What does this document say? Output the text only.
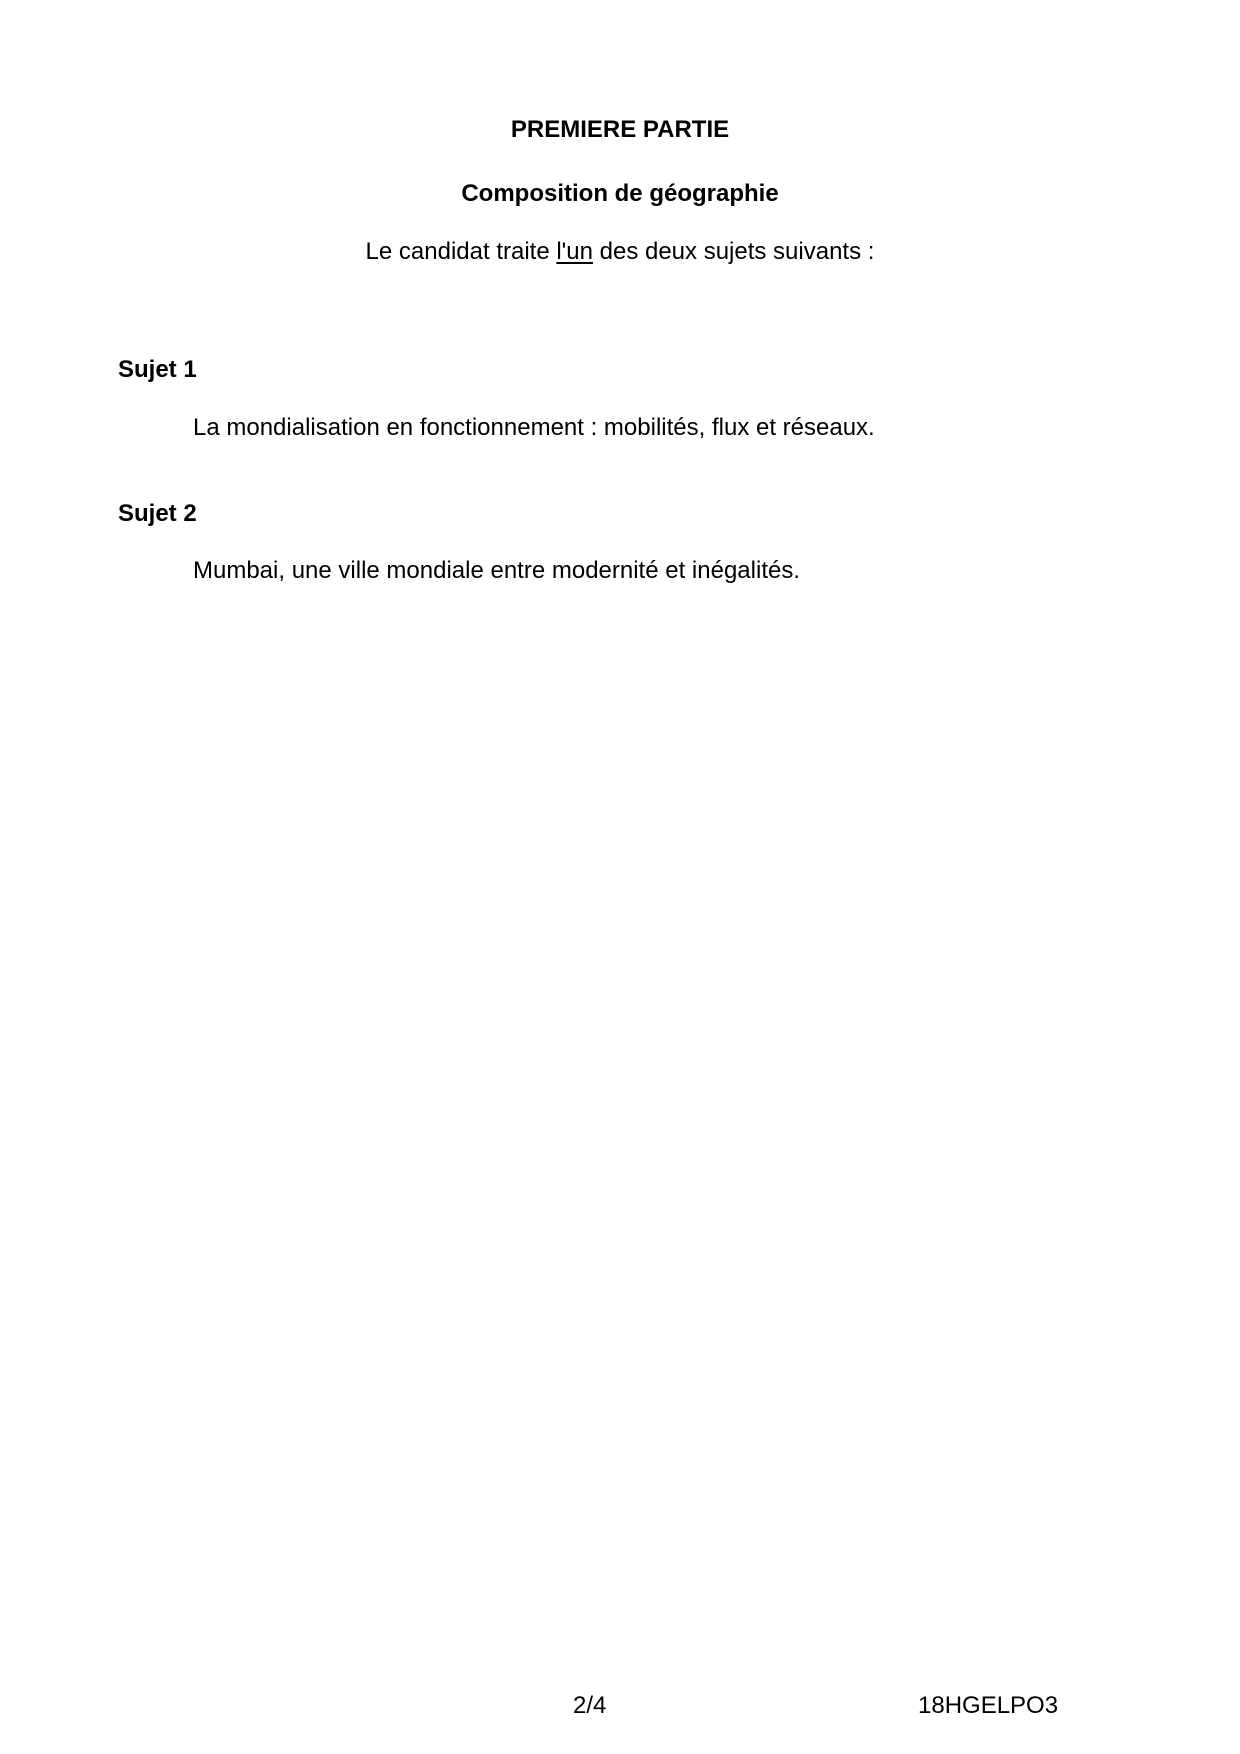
PREMIERE PARTIE
Composition de géographie
Le candidat traite l'un des deux sujets suivants :
Sujet 1
La mondialisation en fonctionnement : mobilités, flux et réseaux.
Sujet 2
Mumbai, une ville mondiale entre modernité et inégalités.
2/4	18HGELPO3
